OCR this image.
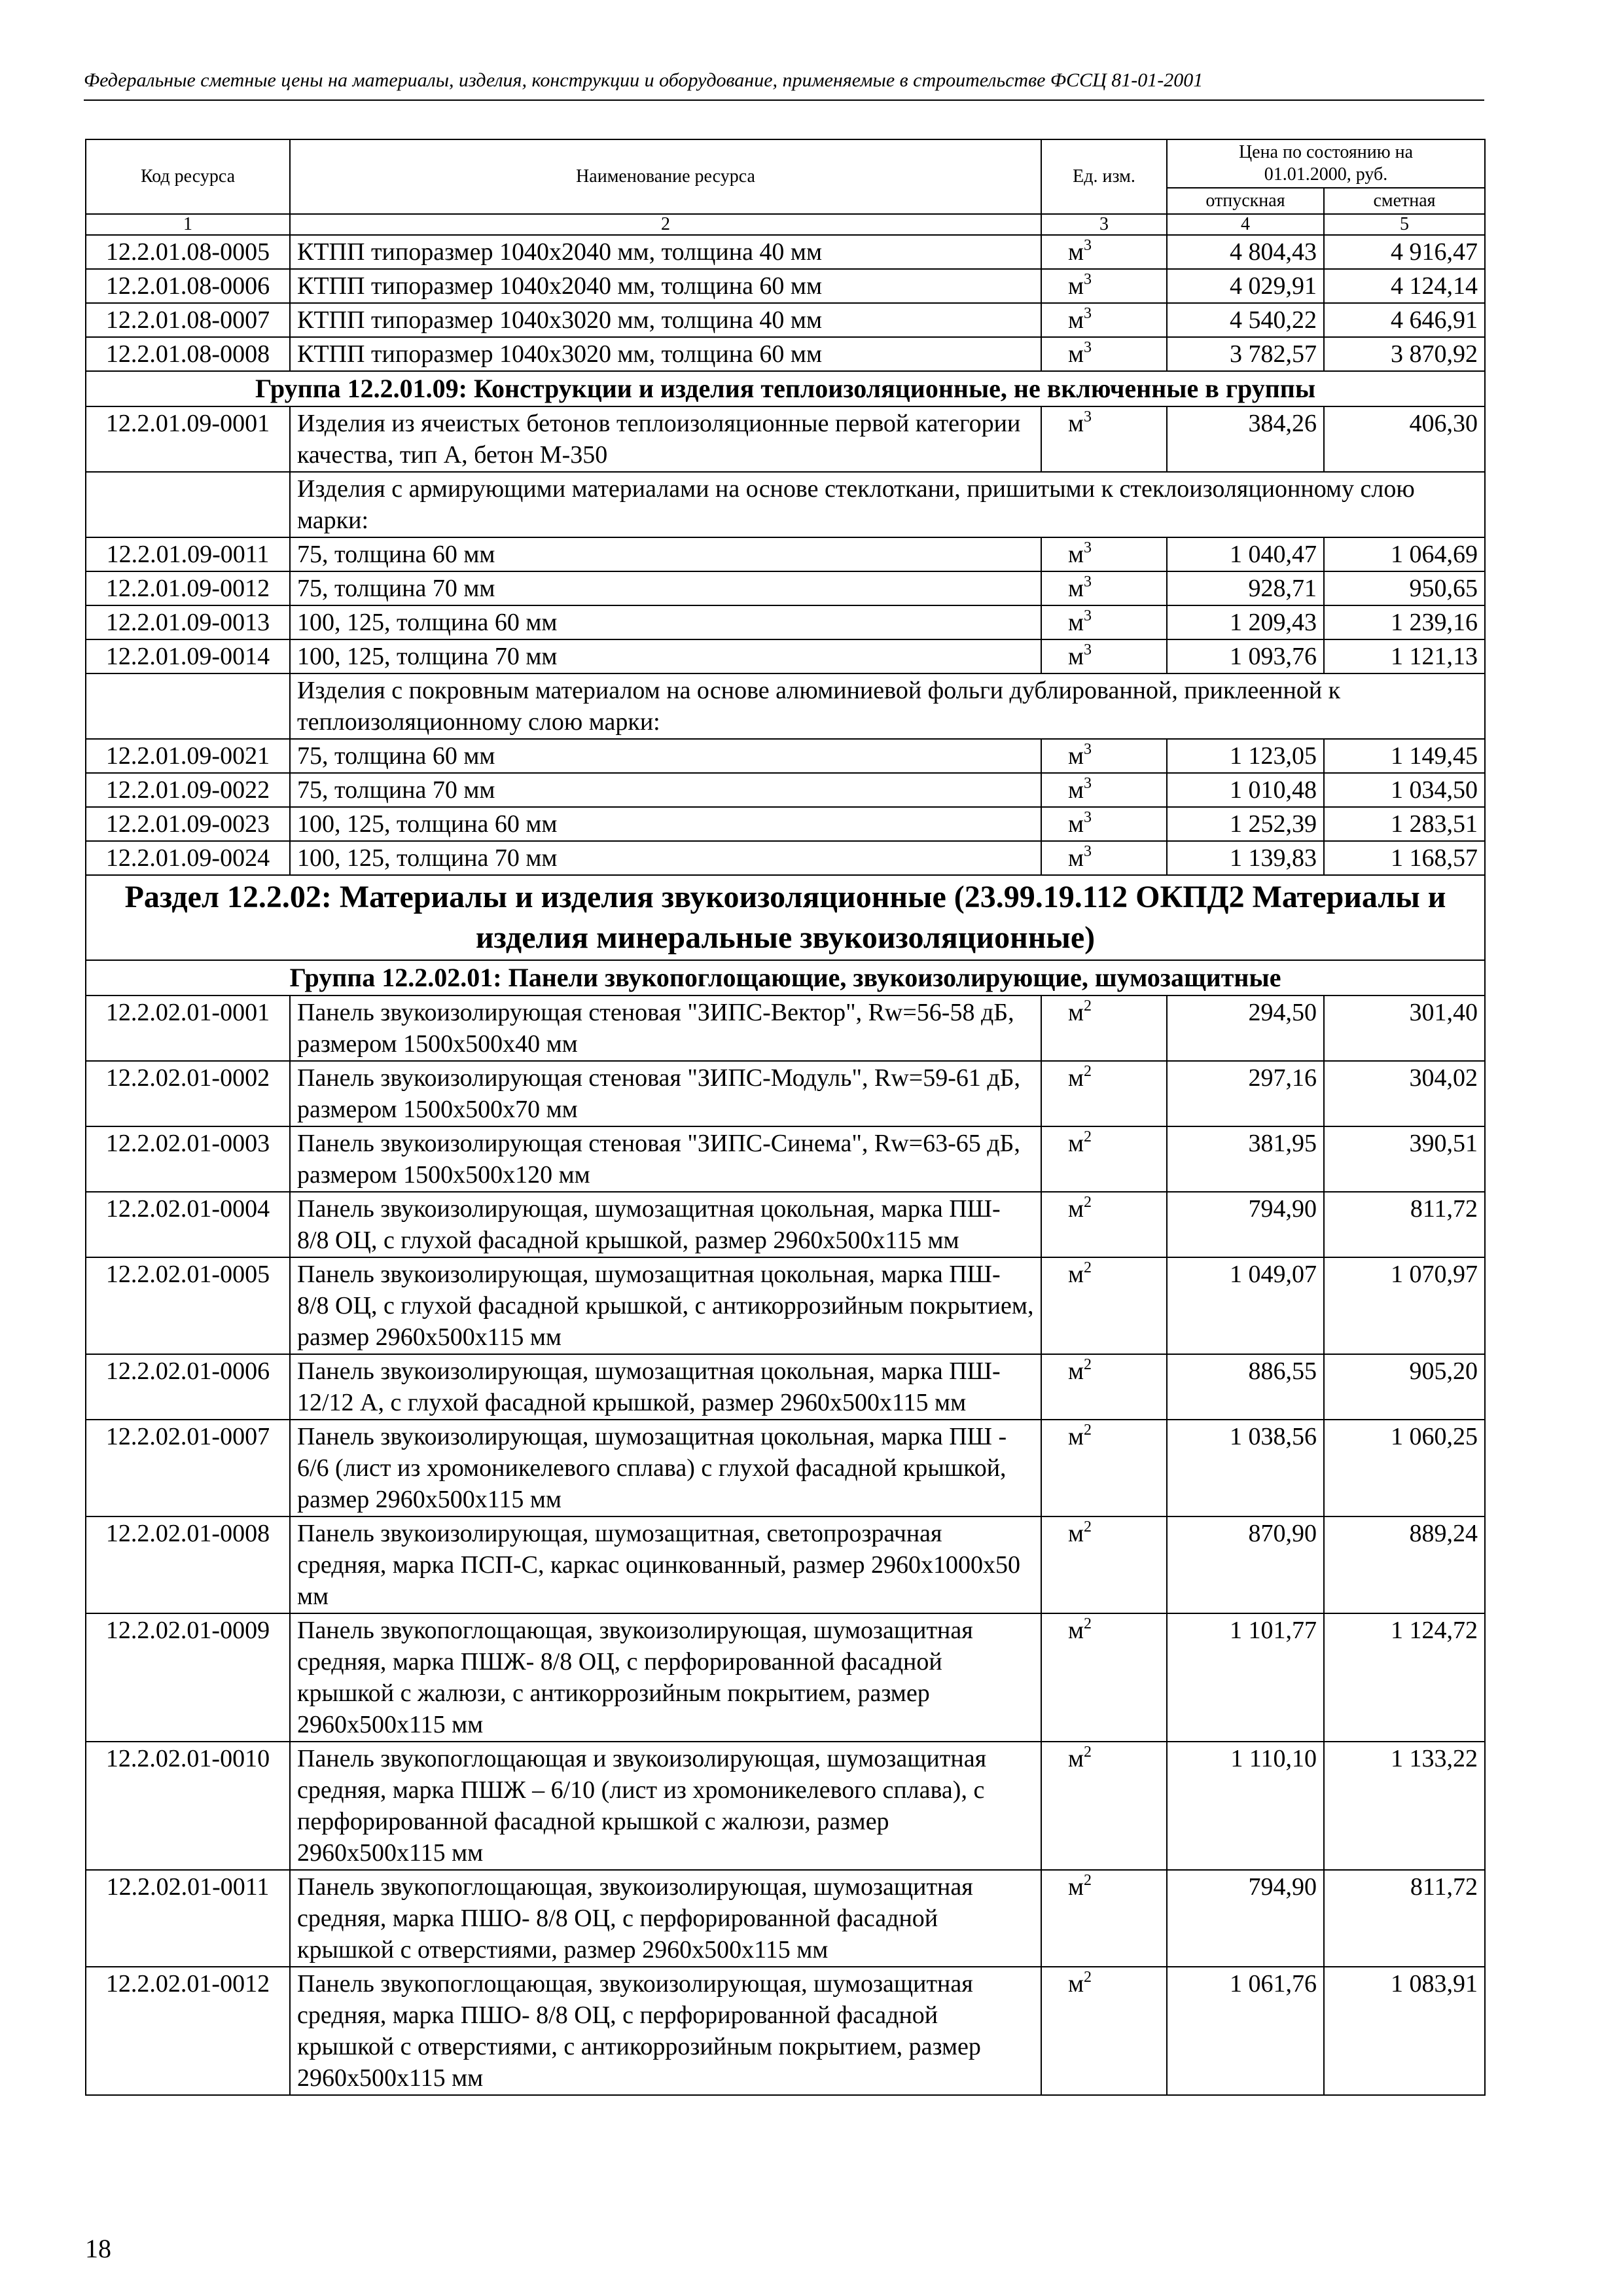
Федеральные сметные цены на материалы, изделия, конструкции и оборудование, применяемые в строительстве ФССЦ 81-01-2001
Код ресурса	Наименование ресурса	Ед. изм.	Цена по состоянию на
01.01.2000, руб.	
			отпускная	сметная
1	2	3	4	5
12.2.01.08-0005	КТПП типоразмер 1040х2040 мм, толщина 40 мм	$м^3$	4 804,43	4 916,47
12.2.01.08-0006	КТПП типоразмер 1040х2040 мм, толщина 60 мм	$м^3$	4 029,91	4 124,14
12.2.01.08-0007	КТПП типоразмер 1040х3020 мм, толщина 40 мм	$м^3$	4 540,22	4 646,91
12.2.01.08-0008	КТПП типоразмер 1040х3020 мм, толщина 60 мм	$м^3$	3 782,57	3 870,92
Группа 12.2.01.09: Конструкции и изделия теплоизоляционные, не включенные в группы				
12.2.01.09-0001	Изделия из ячеистых бетонов теплоизоляционные первой категории качества, тип А, бетон М-350	$м^3$	384,26	406,30
	Изделия с армирующими материалами на основе стеклоткани, пришитыми к стеклоизоляционному слою марки:			
12.2.01.09-0011	75, толщина 60 мм	$м^3$	1 040,47	1 064,69
12.2.01.09-0012	75, толщина 70 мм	$м^3$	928,71	950,65
12.2.01.09-0013	100, 125, толщина 60 мм	$м^3$	1 209,43	1 239,16
12.2.01.09-0014	100, 125, толщина 70 мм	$м^3$	1 093,76	1 121,13
	Изделия с покровным материалом на основе алюминиевой фольги дублированной, приклеенной к теплоизоляционному слою марки:			
12.2.01.09-0021	75, толщина 60 мм	$м^3$	1 123,05	1 149,45
12.2.01.09-0022	75, толщина 70 мм	$м^3$	1 010,48	1 034,50
12.2.01.09-0023	100, 125, толщина 60 мм	$м^3$	1 252,39	1 283,51
12.2.01.09-0024	100, 125, толщина 70 мм	$м^3$	1 139,83	1 168,57
Раздел 12.2.02: Материалы и изделия звукоизоляционные (23.99.19.112 ОКПД2 Материалы и изделия минеральные звукоизоляционные)				
Группа 12.2.02.01: Панели звукопоглощающие, звукоизолирующие, шумозащитные				
12.2.02.01-0001	Панель звукоизолирующая стеновая "ЗИПС-Вектор", Rw=56-58 дБ, размером 1500х500х40 мм	$м^2$	294,50	301,40
12.2.02.01-0002	Панель звукоизолирующая стеновая "ЗИПС-Модуль", Rw=59-61 дБ, размером 1500х500х70 мм	$м^2$	297,16	304,02
12.2.02.01-0003	Панель звукоизолирующая стеновая "ЗИПС-Синема", Rw=63-65 дБ, размером 1500х500х120 мм	$м^2$	381,95	390,51
12.2.02.01-0004	Панель звукоизолирующая, шумозащитная цокольная, марка ПШ- 8/8 ОЦ, с глухой фасадной крышкой, размер 2960х500х115 мм	$м^2$	794,90	811,72
12.2.02.01-0005	Панель звукоизолирующая, шумозащитная цокольная, марка ПШ- 8/8 ОЦ, с глухой фасадной крышкой, с антикоррозийным покрытием, размер 2960х500х115 мм	$м^2$	1 049,07	1 070,97
12.2.02.01-0006	Панель звукоизолирующая, шумозащитная цокольная, марка ПШ- 12/12 А, с глухой фасадной крышкой, размер 2960х500х115 мм	$м^2$	886,55	905,20
12.2.02.01-0007	Панель звукоизолирующая, шумозащитная цокольная, марка ПШ - 6/6 (лист из хромоникелевого сплава) с глухой фасадной крышкой, размер 2960х500х115 мм	$м^2$	1 038,56	1 060,25
12.2.02.01-0008	Панель звукоизолирующая, шумозащитная, светопрозрачная средняя, марка ПСП-С, каркас оцинкованный, размер 2960х1000х50 мм	$м^2$	870,90	889,24
12.2.02.01-0009	Панель звукопоглощающая, звукоизолирующая, шумозащитная средняя, марка ПШЖ- 8/8 ОЦ, с перфорированной фасадной крышкой с жалюзи, с антикоррозийным покрытием, размер 2960х500х115 мм	$м^2$	1 101,77	1 124,72
12.2.02.01-0010	Панель звукопоглощающая и звукоизолирующая, шумозащитная средняя, марка ПШЖ – 6/10 (лист из хромоникелевого сплава), с перфорированной фасадной крышкой с жалюзи, размер 2960х500х115 мм	$м^2$	1 110,10	1 133,22
12.2.02.01-0011	Панель звукопоглощающая, звукоизолирующая, шумозащитная средняя, марка ПШО- 8/8 ОЦ, с перфорированной фасадной крышкой с отверстиями, размер 2960х500х115 мм	$м^2$	794,90	811,72
12.2.02.01-0012	Панель звукопоглощающая, звукоизолирующая, шумозащитная средняя, марка ПШО- 8/8 ОЦ, с перфорированной фасадной крышкой с отверстиями, с антикоррозийным покрытием, размер 2960х500х115 мм	$м^2$	1 061,76	1 083,91
18
